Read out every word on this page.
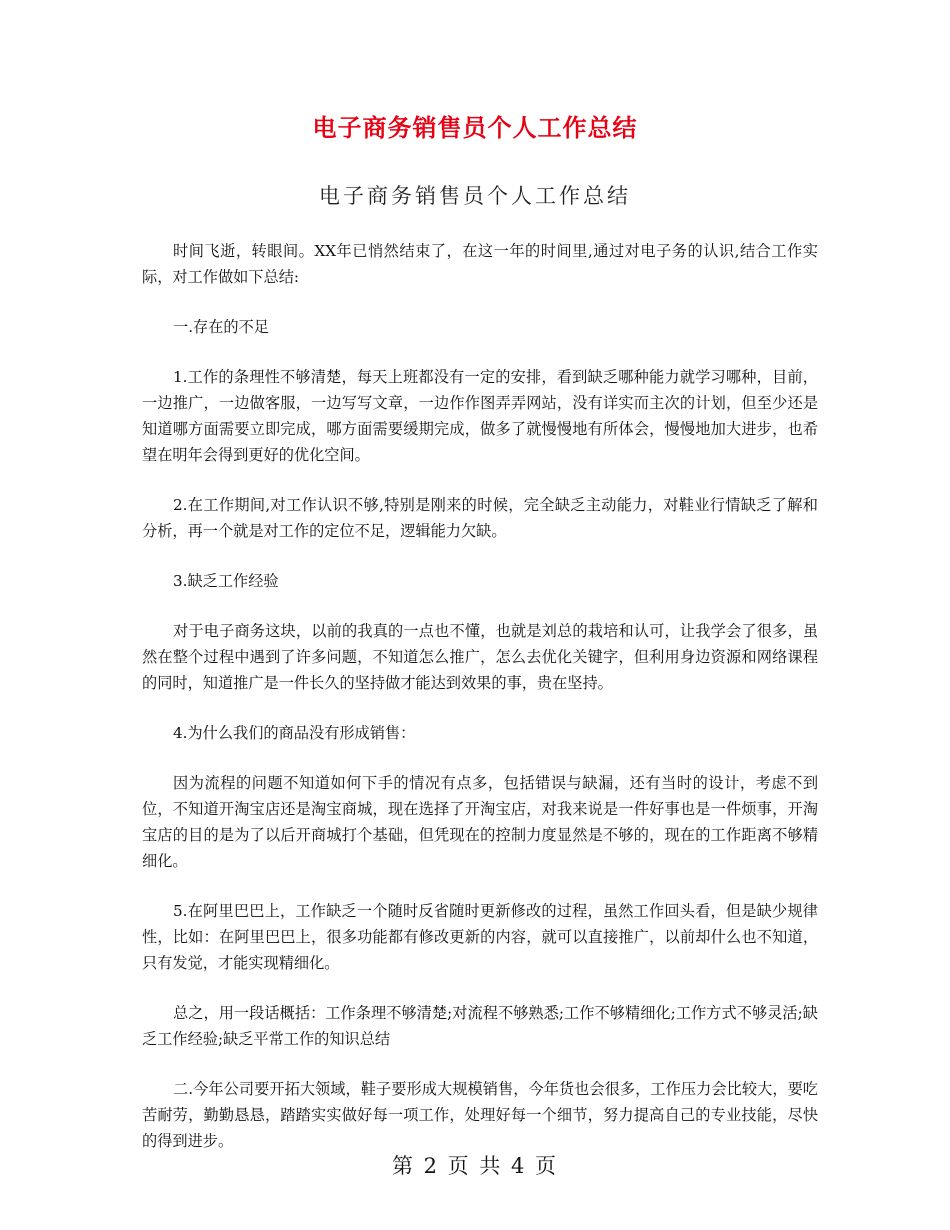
电子商务销售员个人工作总结
电子商务销售员个人工作总结

时间飞逝，转眼间。XX年已悄然结束了，在这一年的时间里,通过对电子务的认识,结合工作实际，对工作做如下总结:

一.存在的不足

1.工作的条理性不够清楚，每天上班都没有一定的安排，看到缺乏哪种能力就学习哪种，目前，一边推广，一边做客服，一边写写文章，一边作作图弄弄网站，没有详实而主次的计划，但至少还是知道哪方面需要立即完成，哪方面需要缓期完成，做多了就慢慢地有所体会，慢慢地加大进步，也希望在明年会得到更好的优化空间。

2.在工作期间,对工作认识不够,特别是刚来的时候，完全缺乏主动能力，对鞋业行情缺乏了解和分析，再一个就是对工作的定位不足，逻辑能力欠缺。

3.缺乏工作经验

对于电子商务这块，以前的我真的一点也不懂，也就是刘总的栽培和认可，让我学会了很多，虽然在整个过程中遇到了许多问题，不知道怎么推广，怎么去优化关键字，但利用身边资源和网络课程的同时，知道推广是一件长久的坚持做才能达到效果的事，贵在坚持。

4.为什么我们的商品没有形成销售：

因为流程的问题不知道如何下手的情况有点多，包括错误与缺漏，还有当时的设计，考虑不到位，不知道开淘宝店还是淘宝商城，现在选择了开淘宝店，对我来说是一件好事也是一件烦事，开淘宝店的目的是为了以后开商城打个基础，但凭现在的控制力度显然是不够的，现在的工作距离不够精细化。

5.在阿里巴巴上，工作缺乏一个随时反省随时更新修改的过程，虽然工作回头看，但是缺少规律性，比如：在阿里巴巴上，很多功能都有修改更新的内容，就可以直接推广，以前却什么也不知道，只有发觉，才能实现精细化。

总之，用一段话概括：工作条理不够清楚;对流程不够熟悉;工作不够精细化;工作方式不够灵活;缺乏工作经验;缺乏平常工作的知识总结

二.今年公司要开拓大领域，鞋子要形成大规模销售，今年货也会很多，工作压力会比较大，要吃苦耐劳，勤勤恳恳，踏踏实实做好每一项工作，处理好每一个细节，努力提高自己的专业技能，尽快的得到进步。

第 2 页 共 4 页
